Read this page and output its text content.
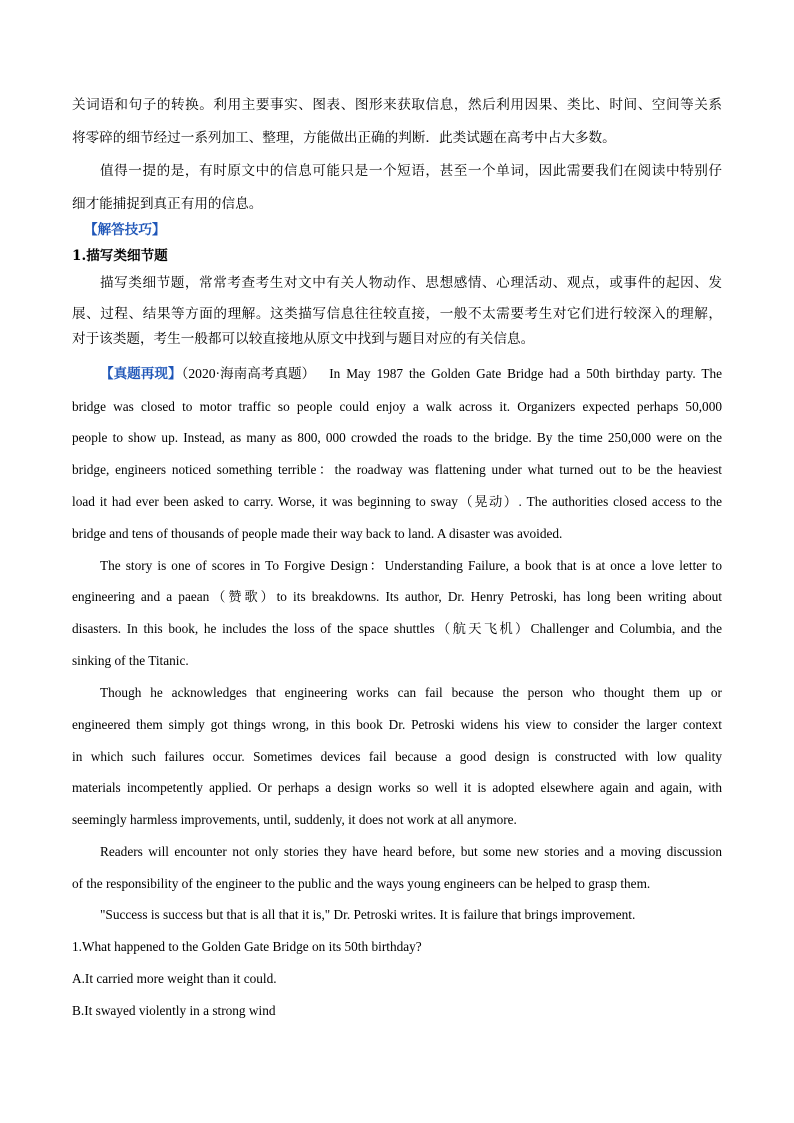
关词语和句子的转换。利用主要事实、图表、图形来获取信息，然后利用因果、类比、时间、空间等关系
将零碎的细节经过一系列加工、整理，方能做出正确的判断．此类试题在高考中占大多数。
值得一提的是，有时原文中的信息可能只是一个短语，甚至一个单词，因此需要我们在阅读中特别仔
细才能捕捉到真正有用的信息。
【解答技巧】
1.描写类细节题
描写类细节题，常常考查考生对文中有关人物动作、思想感情、心理活动、观点，或事件的起因、发
展、过程、结果等方面的理解。这类描写信息往往较直接，一般不太需要考生对它们进行较深入的理解，
对于该类题，考生一般都可以较直接地从原文中找到与题目对应的有关信息。
【真题再现】（2020·海南高考真题） In May 1987 the Golden Gate Bridge had a 50th birthday party. The
bridge was closed to motor traffic so people could enjoy a walk across it. Organizers expected perhaps 50,000
people to show up. Instead, as many as 800, 000 crowded the roads to the bridge. By the time 250,000 were on the
bridge, engineers noticed something terrible：the roadway was flattening under what turned out to be the heaviest
load it had ever been asked to carry. Worse, it was beginning to sway（晃动）. The authorities closed access to the
bridge and tens of thousands of people made their way back to land. A disaster was avoided.
The story is one of scores in To Forgive Design：Understanding Failure, a book that is at once a love letter to
engineering and a paean（赞歌）to its breakdowns. Its author, Dr. Henry Petroski, has long been writing about
disasters. In this book, he includes the loss of the space shuttles（航天飞机）Challenger and Columbia, and the
sinking of the Titanic.
Though he acknowledges that engineering works can fail because the person who thought them up or
engineered them simply got things wrong, in this book Dr. Petroski widens his view to consider the larger context
in which such failures occur. Sometimes devices fail because a good design is constructed with low quality
materials incompetently applied. Or perhaps a design works so well it is adopted elsewhere again and again, with
seemingly harmless improvements, until, suddenly, it does not work at all anymore.
Readers will encounter not only stories they have heard before, but some new stories and a moving discussion
of the responsibility of the engineer to the public and the ways young engineers can be helped to grasp them.
"Success is success but that is all that it is," Dr. Petroski writes. It is failure that brings improvement.
1.What happened to the Golden Gate Bridge on its 50th birthday?
A.It carried more weight than it could.
B.It swayed violently in a strong wind
